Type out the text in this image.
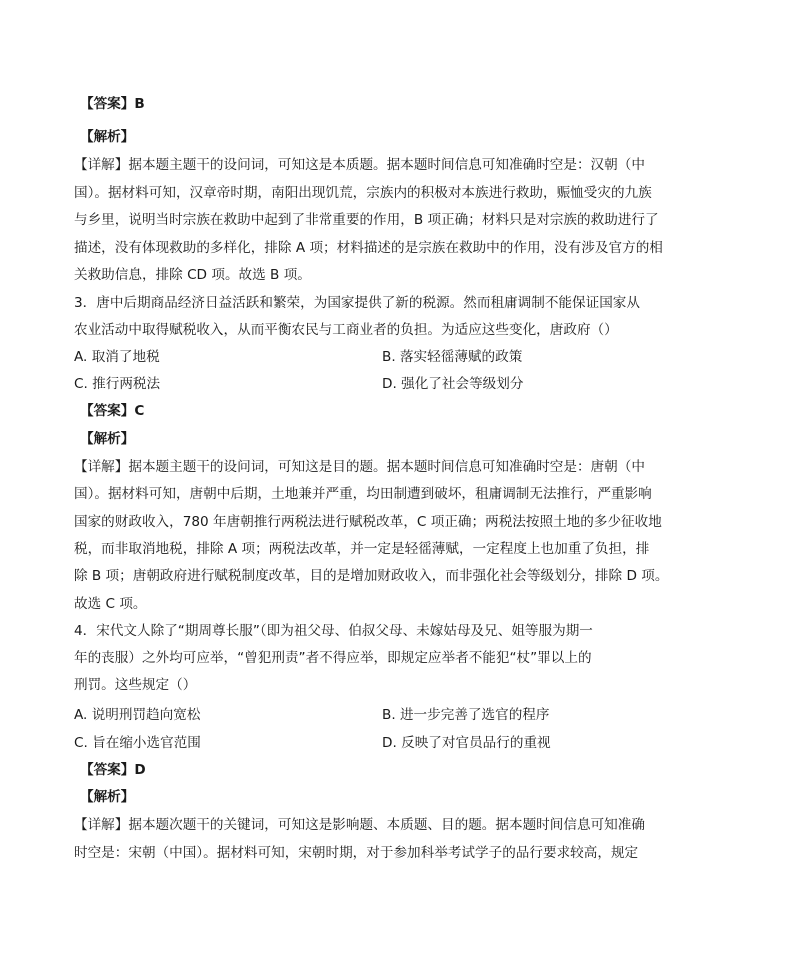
【答案】B
【解析】
【详解】据本题主题干的设问词，可知这是本质题。据本题时间信息可知准确时空是：汉朝（中
国）。据材料可知，汉章帝时期，南阳出现饥荒，宗族内的积极对本族进行救助，赈恤受灾的九族
与乡里，说明当时宗族在救助中起到了非常重要的作用，B 项正确；材料只是对宗族的救助进行了
描述，没有体现救助的多样化，排除 A 项；材料描述的是宗族在救助中的作用，没有涉及官方的相
关救助信息，排除 CD 项。故选 B 项。
3．唐中后期商品经济日益活跃和繁荣，为国家提供了新的税源。然而租庸调制不能保证国家从
农业活动中取得赋税收入，从而平衡农民与工商业者的负担。为适应这些变化，唐政府（）
A. 取消了地税	B. 落实轻徭薄赋的政策
C. 推行两税法	D. 强化了社会等级划分
【答案】C
【解析】
【详解】据本题主题干的设问词，可知这是目的题。据本题时间信息可知准确时空是：唐朝（中
国）。据材料可知，唐朝中后期，土地兼并严重，均田制遭到破坏，租庸调制无法推行，严重影响
国家的财政收入，780 年唐朝推行两税法进行赋税改革，C 项正确；两税法按照土地的多少征收地
税，而非取消地税，排除 A 项；两税法改革，并一定是轻徭薄赋，一定程度上也加重了负担，排
除 B 项；唐朝政府进行赋税制度改革，目的是增加财政收入，而非强化社会等级划分，排除 D 项。
故选 C 项。
4．宋代文人除了“期周尊长服”（即为祖父母、伯叔父母、未嫁姑母及兄、姐等服为期一
年的丧服）之外均可应举，“曾犯刑责”者不得应举，即规定应举者不能犯“杖”罪以上的
刑罚。这些规定（）
A. 说明刑罚趋向宽松	B. 进一步完善了选官的程序
C. 旨在缩小选官范围	D. 反映了对官员品行的重视
【答案】D
【解析】
【详解】据本题次题干的关键词，可知这是影响题、本质题、目的题。据本题时间信息可知准确
时空是：宋朝（中国）。据材料可知，宋朝时期，对于参加科举考试学子的品行要求较高，规定
